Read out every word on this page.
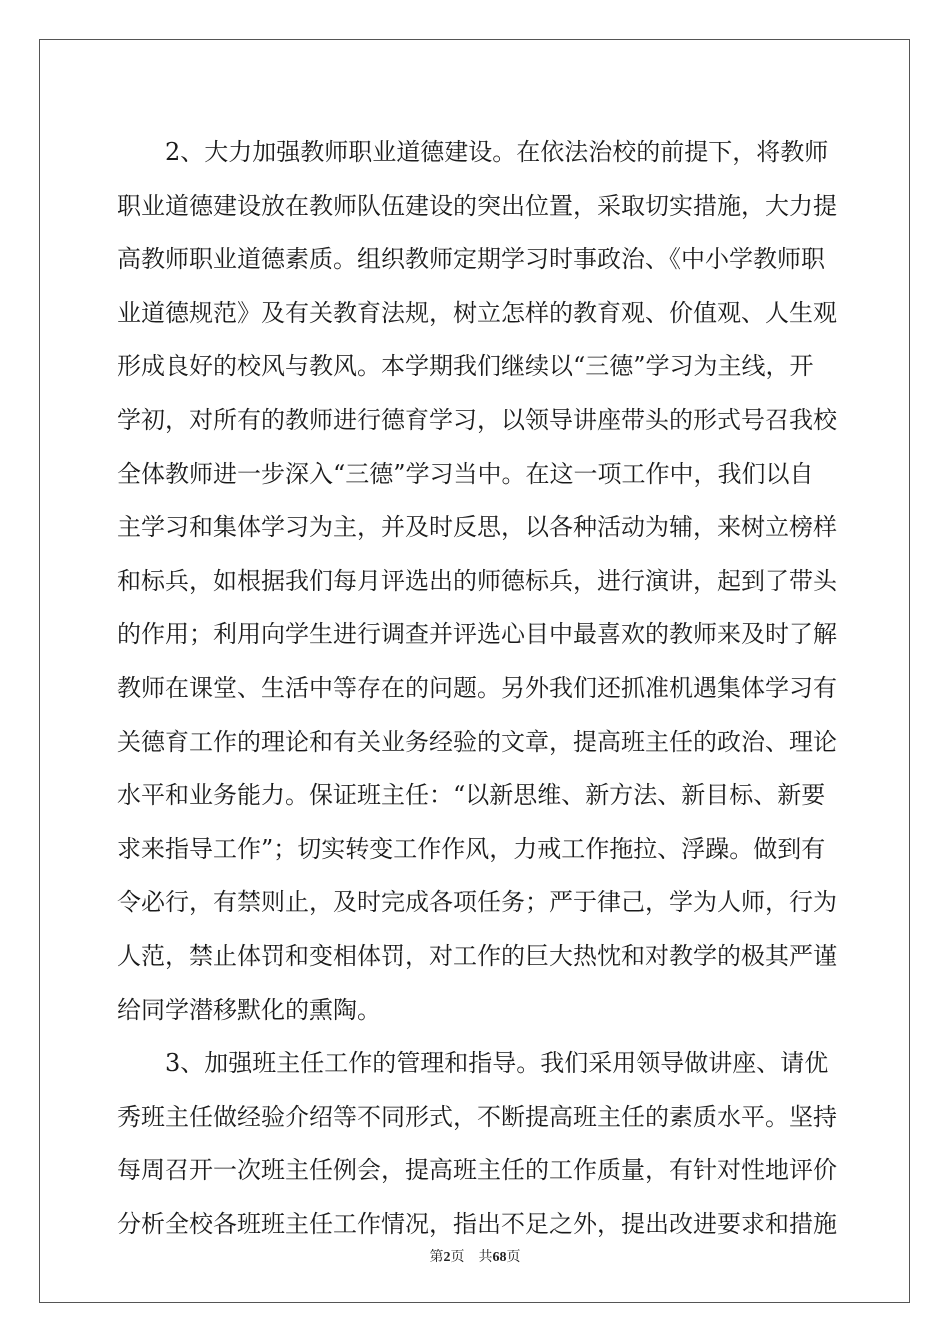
2、大力加强教师职业道德建设。在依法治校的前提下，将教师
职业道德建设放在教师队伍建设的突出位置，采取切实措施，大力提
高教师职业道德素质。组织教师定期学习时事政治、《中小学教师职
业道德规范》及有关教育法规，树立怎样的教育观、价值观、人生观
形成良好的校风与教风。本学期我们继续以“三德”学习为主线，开
学初，对所有的教师进行德育学习，以领导讲座带头的形式号召我校
全体教师进一步深入“三德”学习当中。在这一项工作中，我们以自
主学习和集体学习为主，并及时反思，以各种活动为辅，来树立榜样
和标兵，如根据我们每月评选出的师德标兵，进行演讲，起到了带头
的作用；利用向学生进行调查并评选心目中最喜欢的教师来及时了解
教师在课堂、生活中等存在的问题。另外我们还抓准机遇集体学习有
关德育工作的理论和有关业务经验的文章，提高班主任的政治、理论
水平和业务能力。保证班主任：“以新思维、新方法、新目标、新要
求来指导工作”；切实转变工作作风，力戒工作拖拉、浮躁。做到有
令必行，有禁则止，及时完成各项任务；严于律己，学为人师，行为
人范，禁止体罚和变相体罚，对工作的巨大热忱和对教学的极其严谨
给同学潜移默化的熏陶。
3、加强班主任工作的管理和指导。我们采用领导做讲座、请优
秀班主任做经验介绍等不同形式，不断提高班主任的素质水平。坚持
每周召开一次班主任例会，提高班主任的工作质量，有针对性地评价
分析全校各班班主任工作情况，指出不足之外，提出改进要求和措施
第2页 共68页
